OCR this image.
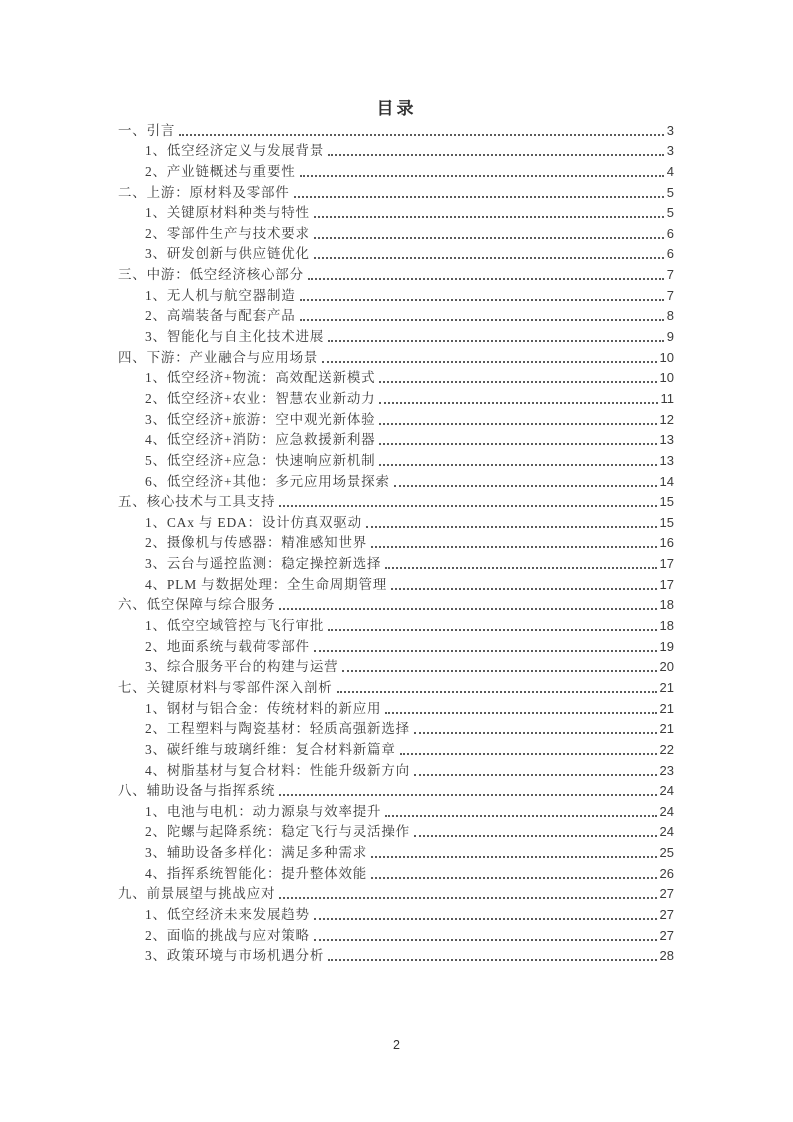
目录
一、引言	3
1、低空经济定义与发展背景	3
2、产业链概述与重要性	4
二、上游：原材料及零部件	5
1、关键原材料种类与特性	5
2、零部件生产与技术要求	6
3、研发创新与供应链优化	6
三、中游：低空经济核心部分	7
1、无人机与航空器制造	7
2、高端装备与配套产品	8
3、智能化与自主化技术进展	9
四、下游：产业融合与应用场景	10
1、低空经济+物流：高效配送新模式	10
2、低空经济+农业：智慧农业新动力	11
3、低空经济+旅游：空中观光新体验	12
4、低空经济+消防：应急救援新利器	13
5、低空经济+应急：快速响应新机制	13
6、低空经济+其他：多元应用场景探索	14
五、核心技术与工具支持	15
1、CAx 与 EDA：设计仿真双驱动	15
2、摄像机与传感器：精准感知世界	16
3、云台与遥控监测：稳定操控新选择	17
4、PLM 与数据处理：全生命周期管理	17
六、低空保障与综合服务	18
1、低空空域管控与飞行审批	18
2、地面系统与载荷零部件	19
3、综合服务平台的构建与运营	20
七、关键原材料与零部件深入剖析	21
1、钢材与铝合金：传统材料的新应用	21
2、工程塑料与陶瓷基材：轻质高强新选择	21
3、碳纤维与玻璃纤维：复合材料新篇章	22
4、树脂基材与复合材料：性能升级新方向	23
八、辅助设备与指挥系统	24
1、电池与电机：动力源泉与效率提升	24
2、陀螺与起降系统：稳定飞行与灵活操作	24
3、辅助设备多样化：满足多种需求	25
4、指挥系统智能化：提升整体效能	26
九、前景展望与挑战应对	27
1、低空经济未来发展趋势	27
2、面临的挑战与应对策略	27
3、政策环境与市场机遇分析	28
2
